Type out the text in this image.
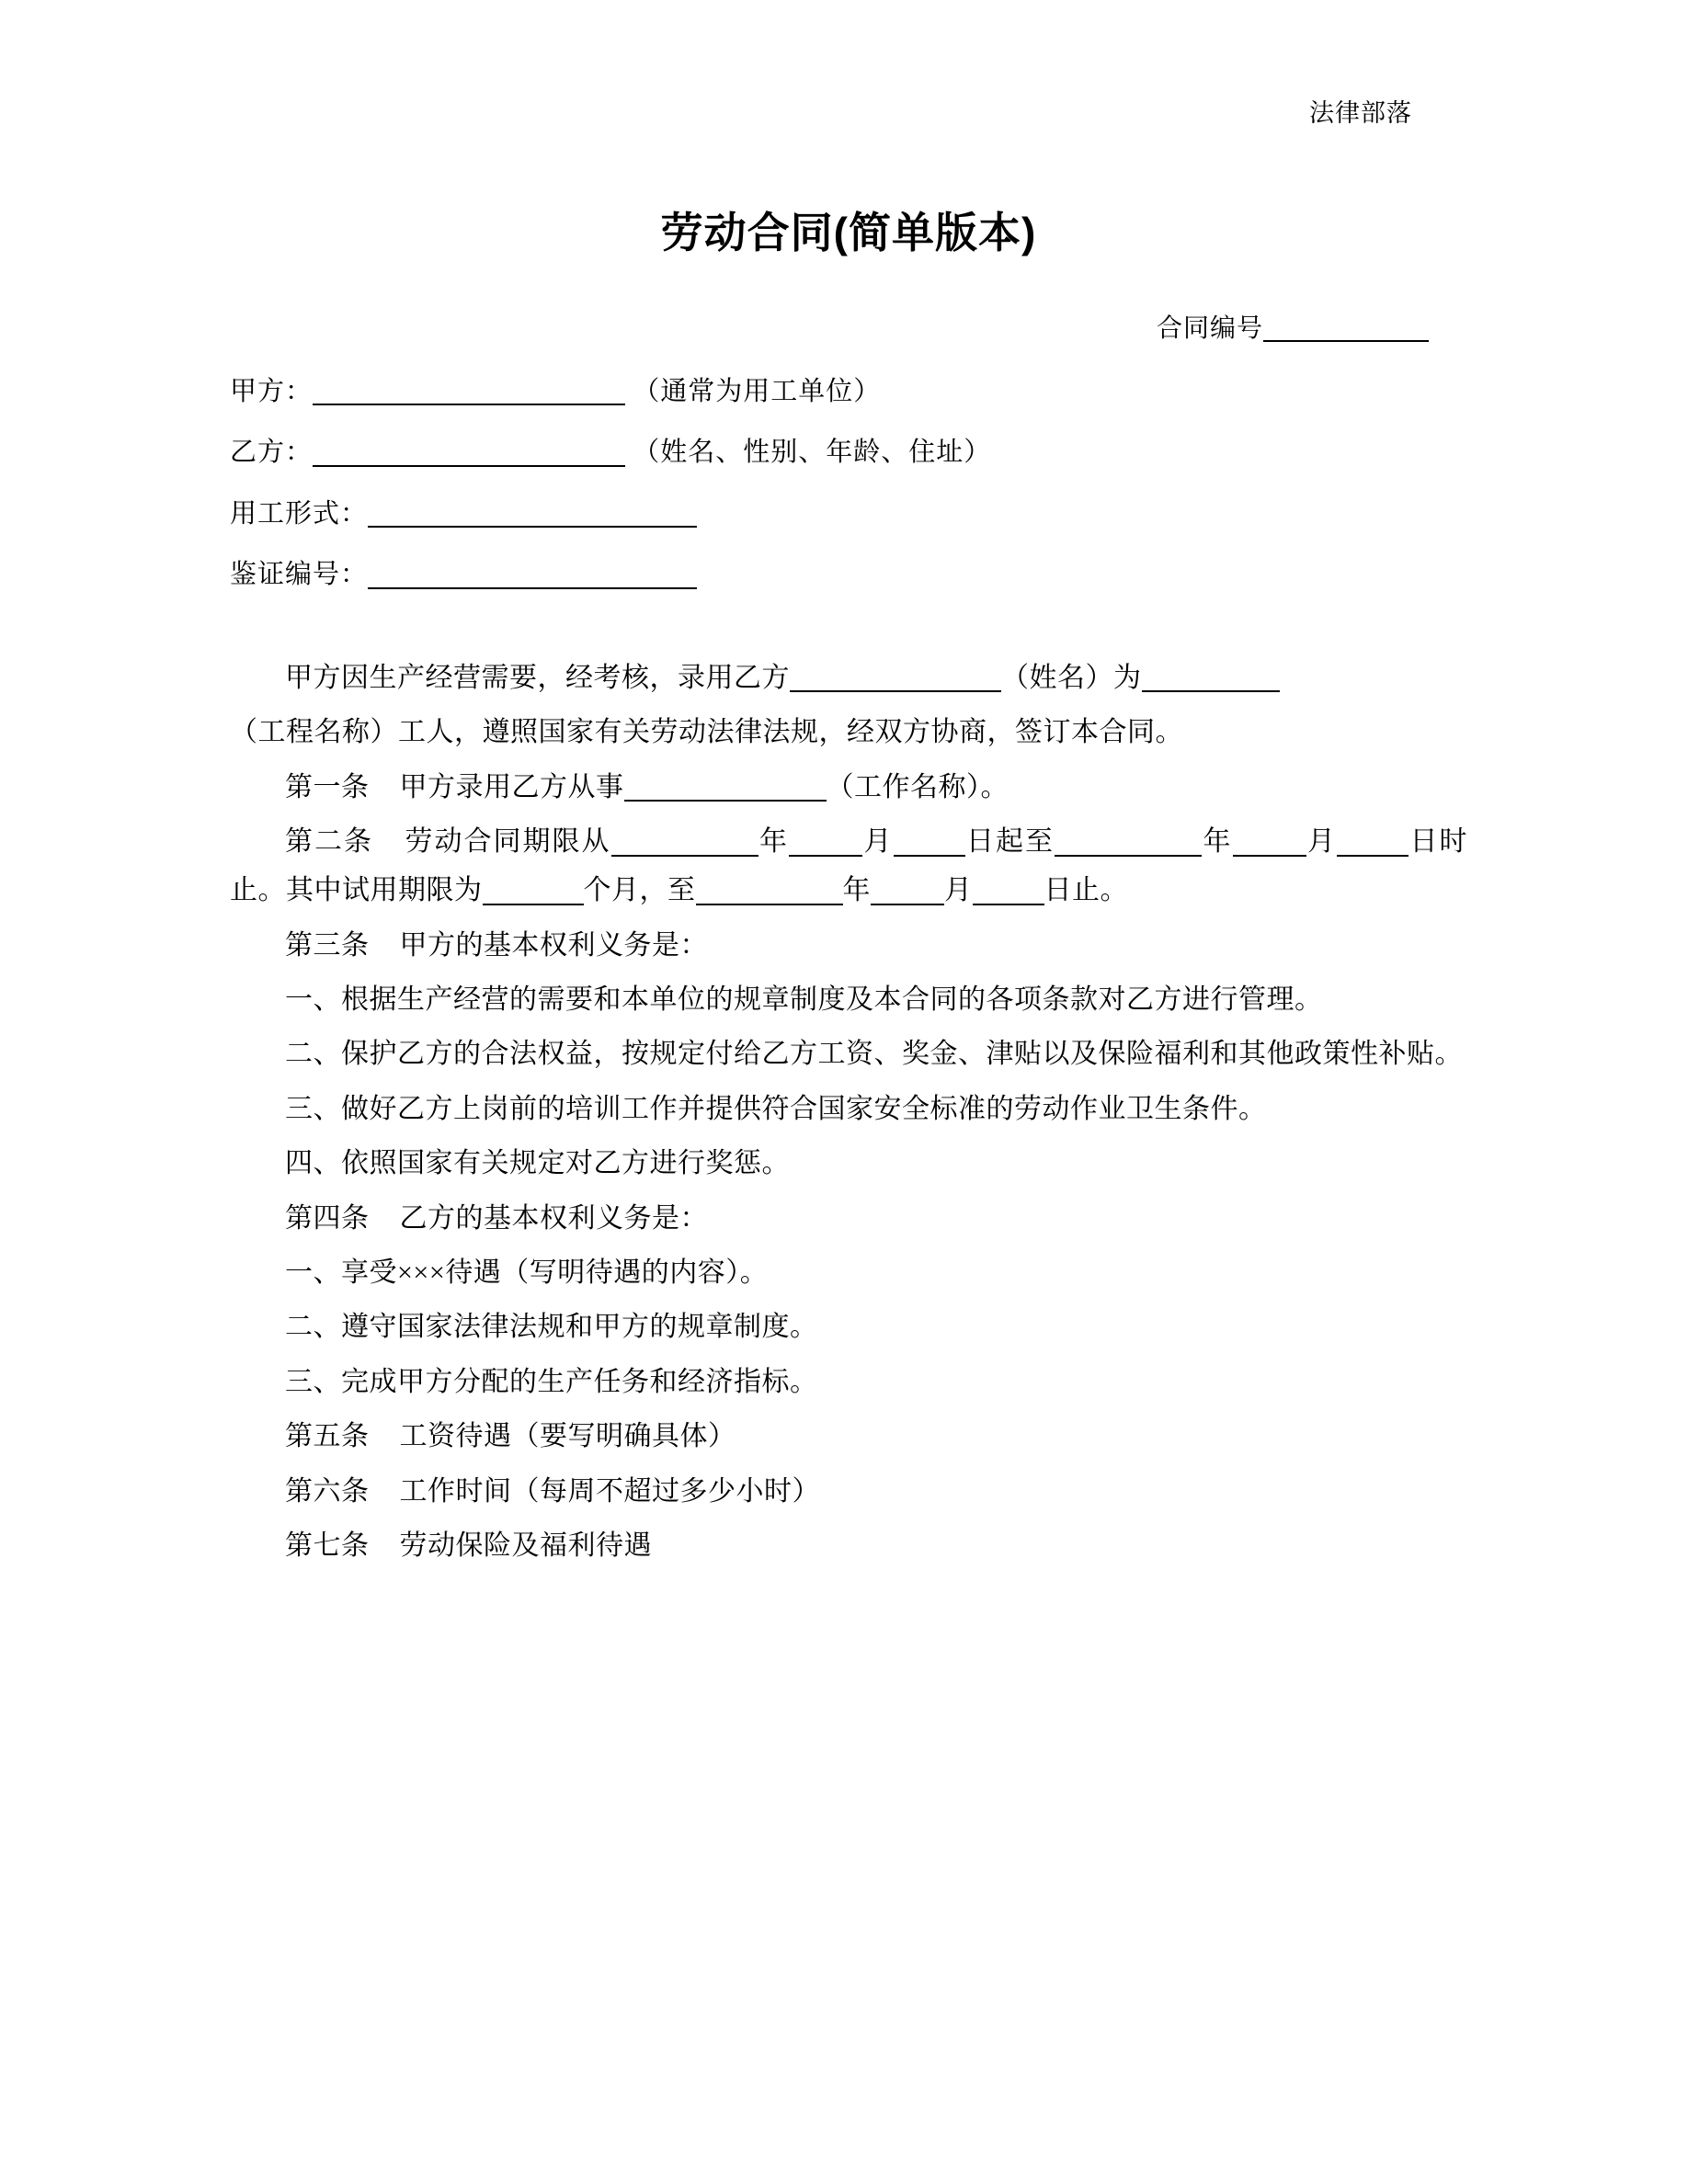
法律部落
劳动合同(简单版本)
合同编号
甲方：	（通常为用工单位）
乙方：	（姓名、性别、年龄、住址）
用工形式：
鉴证编号：

甲方因生产经营需要，经考核，录用乙方	（姓名）为

（工程名称）工人，遵照国家有关劳动法律法规，经双方协商，签订本合同。

第一条 甲方录用乙方从事	（工作名称）。

第二条 劳动合同期限从	年	月	日起至	年	月	日时止。其中试用期限为	个月，至	年	月	日止。

第三条 甲方的基本权利义务是：

一、根据生产经营的需要和本单位的规章制度及本合同的各项条款对乙方进行管理。

二、保护乙方的合法权益，按规定付给乙方工资、奖金、津贴以及保险福利和其他政策性补贴。

三、做好乙方上岗前的培训工作并提供符合国家安全标准的劳动作业卫生条件。

四、依照国家有关规定对乙方进行奖惩。

第四条 乙方的基本权利义务是：

一、享受×××待遇（写明待遇的内容）。

二、遵守国家法律法规和甲方的规章制度。

三、完成甲方分配的生产任务和经济指标。

第五条 工资待遇（要写明确具体）

第六条 工作时间（每周不超过多少小时）

第七条 劳动保险及福利待遇
